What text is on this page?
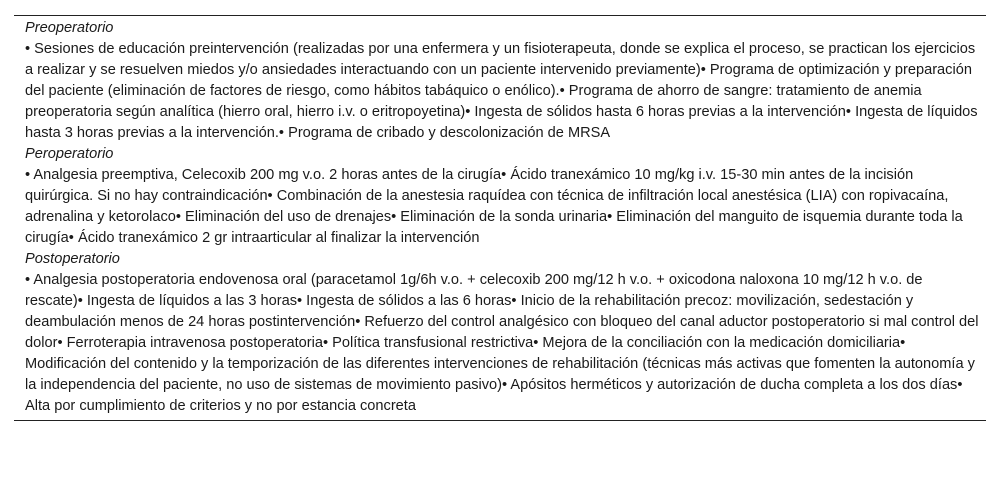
Preoperatorio

• Sesiones de educación preintervención (realizadas por una enfermera y un fisioterapeuta, donde se explica el proceso, se practican los ejercicios a realizar y se resuelven miedos y/o ansiedades interactuando con un paciente intervenido previamente)• Programa de optimización y preparación del paciente (eliminación de factores de riesgo, como hábitos tabáquico o enólico).• Programa de ahorro de sangre: tratamiento de anemia preoperatoria según analítica (hierro oral, hierro i.v. o eritropoyetina)• Ingesta de sólidos hasta 6 horas previas a la intervención• Ingesta de líquidos hasta 3 horas previas a la intervención.• Programa de cribado y descolonización de MRSA

Peroperatorio

• Analgesia preemptiva, Celecoxib 200 mg v.o. 2 horas antes de la cirugía• Ácido tranexámico 10 mg/kg i.v. 15-30 min antes de la incisión quirúrgica. Si no hay contraindicación• Combinación de la anestesia raquídea con técnica de infiltración local anestésica (LIA) con ropivacaína, adrenalina y ketorolaco• Eliminación del uso de drenajes• Eliminación de la sonda urinaria• Eliminación del manguito de isquemia durante toda la cirugía• Ácido tranexámico 2 gr intraarticular al finalizar la intervención

Postoperatorio

• Analgesia postoperatoria endovenosa oral (paracetamol 1g/6h v.o. + celecoxib 200 mg/12 h v.o. + oxicodona naloxona 10 mg/12 h v.o. de rescate)• Ingesta de líquidos a las 3 horas• Ingesta de sólidos a las 6 horas• Inicio de la rehabilitación precoz: movilización, sedestación y deambulación menos de 24 horas postintervención• Refuerzo del control analgésico con bloqueo del canal aductor postoperatorio si mal control del dolor• Ferroterapia intravenosa postoperatoria• Política transfusional restrictiva• Mejora de la conciliación con la medicación domiciliaria• Modificación del contenido y la temporización de las diferentes intervenciones de rehabilitación (técnicas más activas que fomenten la autonomía y la independencia del paciente, no uso de sistemas de movimiento pasivo)• Apósitos herméticos y autorización de ducha completa a los dos días• Alta por cumplimiento de criterios y no por estancia concreta
